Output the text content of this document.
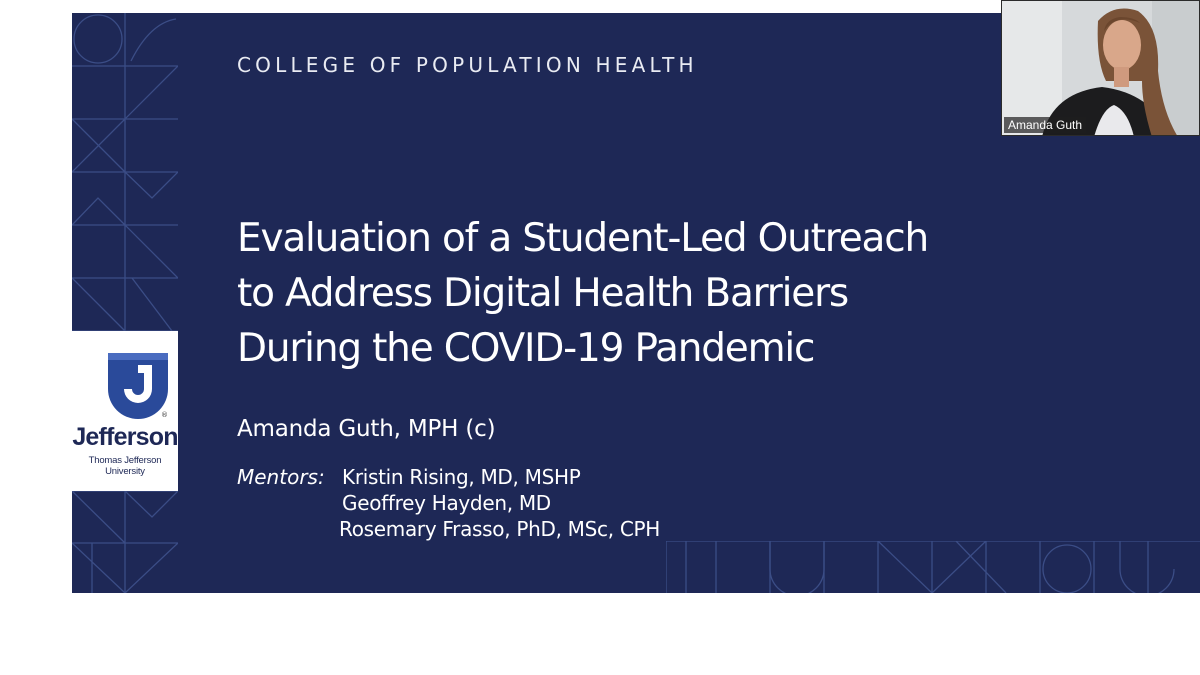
®
Jefferson
Thomas Jefferson University
COLLEGE OF POPULATION HEALTH
Evaluation of a Student-Led Outreach
to Address Digital Health Barriers
During the COVID-19 Pandemic
Amanda Guth, MPH (c)
Mentors: Kristin Rising, MD, MSHP
Geoffrey Hayden, MD
Rosemary Frasso, PhD, MSc, CPH
Amanda Guth
